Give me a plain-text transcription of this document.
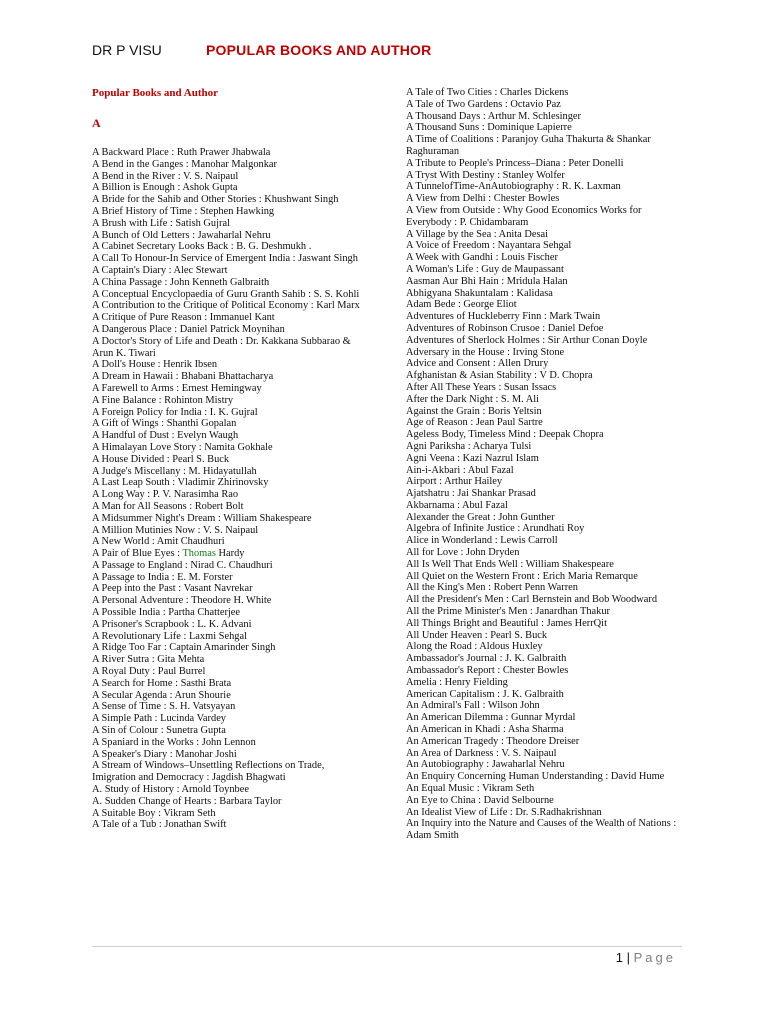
DR P VISU	POPULAR BOOKS AND AUTHOR
Popular Books and Author
A

A Backward Place : Ruth Prawer Jhabwala

A Bend in the Ganges : Manohar Malgonkar

A Bend in the River : V. S. Naipaul

A Billion is Enough : Ashok Gupta

A Bride for the Sahib and Other Stories : Khushwant Singh

A Brief History of Time : Stephen Hawking

A Brush with Life : Satish Gujral

A Bunch of Old Letters : Jawaharlal Nehru

A Cabinet Secretary Looks Back : B. G. Deshmukh .

A Call To Honour-In Service of Emergent India : Jaswant Singh

A Captain's Diary : Alec Stewart

A China Passage : John Kenneth Galbraith

A Conceptual Encyclopaedia of Guru Granth Sahib : S. S. Kohli

A Contribution to the Critique of Political Economy : Karl Marx

A Critique of Pure Reason : Immanuel Kant

A Dangerous Place : Daniel Patrick Moynihan

A Doctor's Story of Life and Death : Dr. Kakkana Subbarao & Arun K. Tiwari

A Doll's House : Henrik Ibsen

A Dream in Hawaii : Bhabani Bhattacharya

A Farewell to Arms : Ernest Hemingway

A Fine Balance : Rohinton Mistry

A Foreign Policy for India : I. K. Gujral

A Gift of Wings : Shanthi Gopalan

A Handful of Dust : Evelyn Waugh

A Himalayan Love Story : Namita Gokhale

A House Divided : Pearl S. Buck

A Judge's Miscellany : M. Hidayatullah

A Last Leap South : Vladimir Zhirinovsky

A Long Way : P. V. Narasimha Rao

A Man for All Seasons : Robert Bolt

A Midsummer Night's Dream : William Shakespeare

A Million Mutinies Now : V. S. Naipaul

A New World : Amit Chaudhuri

A Pair of Blue Eyes : Thomas Hardy

A Passage to England : Nirad C. Chaudhuri

A Passage to India : E. M. Forster

A Peep into the Past : Vasant Navrekar

A Personal Adventure : Theodore H. White

A Possible India : Partha Chatterjee

A Prisoner's Scrapbook : L. K. Advani

A Revolutionary Life : Laxmi Sehgal

A Ridge Too Far : Captain Amarinder Singh

A River Sutra : Gita Mehta

A Royal Duty : Paul Burrel

A Search for Home : Sasthi Brata

A Secular Agenda : Arun Shourie

A Sense of Time : S. H. Vatsyayan

A Simple Path : Lucinda Vardey

A Sin of Colour : Sunetra Gupta

A Spaniard in the Works : John Lennon

A Speaker's Diary : Manohar Joshi

A Stream of Windows–Unsettling Reflections on Trade, Imigration and Democracy : Jagdish Bhagwati

A. Study of History : Arnold Toynbee

A. Sudden Change of Hearts : Barbara Taylor

A Suitable Boy : Vikram Seth

A Tale of a Tub : Jonathan Swift

A Tale of Two Cities : Charles Dickens

A Tale of Two Gardens : Octavio Paz

A Thousand Days : Arthur M. Schlesinger

A Thousand Suns : Dominique Lapierre

A Time of Coalitions : Paranjoy Guha Thakurta & Shankar Raghuraman

A Tribute to People's Princess–Diana : Peter Donelli

A Tryst With Destiny : Stanley Wolfer

A TunnelofTime-AnAutobiography : R. K. Laxman

A View from Delhi : Chester Bowles

A View from Outside : Why Good Economics Works for Everybody : P. Chidambaram

A Village by the Sea : Anita Desai

A Voice of Freedom : Nayantara Sehgal

A Week with Gandhi : Louis Fischer

A Woman's Life : Guy de Maupassant

Aasman Aur Bhi Hain : Mridula Halan

Abhigyana Shakuntalam : Kalidasa

Adam Bede : George Eliot

Adventures of Huckleberry Finn : Mark Twain

Adventures of Robinson Crusoe : Daniel Defoe

Adventures of Sherlock Holmes : Sir Arthur Conan Doyle

Adversary in the House : Irving Stone

Advice and Consent : Allen Drury

Afghanistan & Asian Stability : V D. Chopra

After All These Years : Susan Issacs

After the Dark Night : S. M. Ali

Against the Grain : Boris Yeltsin

Age of Reason : Jean Paul Sartre

Ageless Body, Timeless Mind : Deepak Chopra

Agni Pariksha : Acharya Tulsi

Agni Veena : Kazi Nazrul Islam

Ain-i-Akbari : Abul Fazal

Airport : Arthur Hailey

Ajatshatru : Jai Shankar Prasad

Akbarnama : Abul Fazal

Alexander the Great : John Gunther

Algebra of Infinite Justice : Arundhati Roy

Alice in Wonderland : Lewis Carroll

All for Love : John Dryden

All Is Well That Ends Well : William Shakespeare

All Quiet on the Western Front : Erich Maria Remarque

All the King's Men : Robert Penn Warren

All the President's Men : Carl Bernstein and Bob Woodward

All the Prime Minister's Men : Janardhan Thakur

All Things Bright and Beautiful : James HerrQit

All Under Heaven : Pearl S. Buck

Along the Road : Aldous Huxley

Ambassador's Journal : J. K. Galbraith

Ambassador's Report : Chester Bowles

Amelia : Henry Fielding

American Capitalism : J. K. Galbraith

An Admiral's Fall : Wilson John

An American Dilemma : Gunnar Myrdal

An American in Khadi : Asha Sharma

An American Tragedy : Theodore Dreiser

An Area of Darkness : V. S. Naipaul

An Autobiography : Jawaharlal Nehru

An Enquiry Concerning Human Understanding : David Hume

An Equal Music : Vikram Seth

An Eye to China : David Selbourne

An Idealist View of Life : Dr. S.Radhakrishnan

An Inquiry into the Nature and Causes of the Wealth of Nations : Adam Smith

1 | Page
